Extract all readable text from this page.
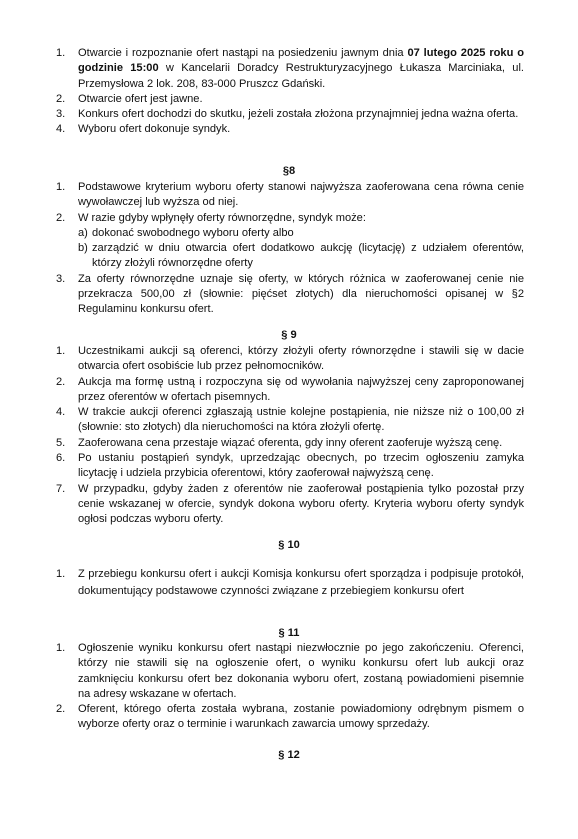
1. Otwarcie i rozpoznanie ofert nastąpi na posiedzeniu jawnym dnia 07 lutego 2025 roku o godzinie 15:00 w Kancelarii Doradcy Restrukturyzacyjnego Łukasza Marciniaka, ul. Przemysłowa 2 lok. 208, 83-000 Pruszcz Gdański.
2. Otwarcie ofert jest jawne.
3. Konkurs ofert dochodzi do skutku, jeżeli została złożona przynajmniej jedna ważna oferta.
4. Wyboru ofert dokonuje syndyk.
§8
1. Podstawowe kryterium wyboru oferty stanowi najwyższa zaoferowana cena równa cenie wywoławczej lub wyższa od niej.
2. W razie gdyby wpłynęły oferty równorzędne, syndyk może:
a) dokonać swobodnego wyboru oferty albo
b) zarządzić w dniu otwarcia ofert dodatkowo aukcję (licytację) z udziałem oferentów, którzy złożyli równorzędne oferty
3. Za oferty równorzędne uznaje się oferty, w których różnica w zaoferowanej cenie nie przekracza 500,00 zł (słownie: pięćset złotych) dla nieruchomości opisanej w §2 Regulaminu konkursu ofert.
§ 9
1. Uczestnikami aukcji są oferenci, którzy złożyli oferty równorzędne i stawili się w dacie otwarcia ofert osobiście lub przez pełnomocników.
2. Aukcja ma formę ustną i rozpoczyna się od wywołania najwyższej ceny zaproponowanej przez oferentów w ofertach pisemnych.
4. W trakcie aukcji oferenci zgłaszają ustnie kolejne postąpienia, nie niższe niż o 100,00 zł (słownie: sto złotych) dla nieruchomości na która złożyli ofertę.
5. Zaoferowana cena przestaje wiązać oferenta, gdy inny oferent zaoferuje wyższą cenę.
6. Po ustaniu postąpień syndyk, uprzedzając obecnych, po trzecim ogłoszeniu zamyka licytację i udziela przybicia oferentowi, który zaoferował najwyższą cenę.
7. W przypadku, gdyby żaden z oferentów nie zaoferował postąpienia tylko pozostał przy cenie wskazanej w ofercie, syndyk dokona wyboru oferty. Kryteria wyboru oferty syndyk ogłosi podczas wyboru oferty.
§ 10
1. Z przebiegu konkursu ofert i aukcji Komisja konkursu ofert sporządza i podpisuje protokół, dokumentujący podstawowe czynności związane z przebiegiem konkursu ofert
§ 11
1. Ogłoszenie wyniku konkursu ofert nastąpi niezwłocznie po jego zakończeniu. Oferenci, którzy nie stawili się na ogłoszenie ofert, o wyniku konkursu ofert lub aukcji oraz zamknięciu konkursu ofert bez dokonania wyboru ofert, zostaną powiadomieni pisemnie na adresy wskazane w ofertach.
2. Oferent, którego oferta została wybrana, zostanie powiadomiony odrębnym pismem o wyborze oferty oraz o terminie i warunkach zawarcia umowy sprzedaży.
§ 12
